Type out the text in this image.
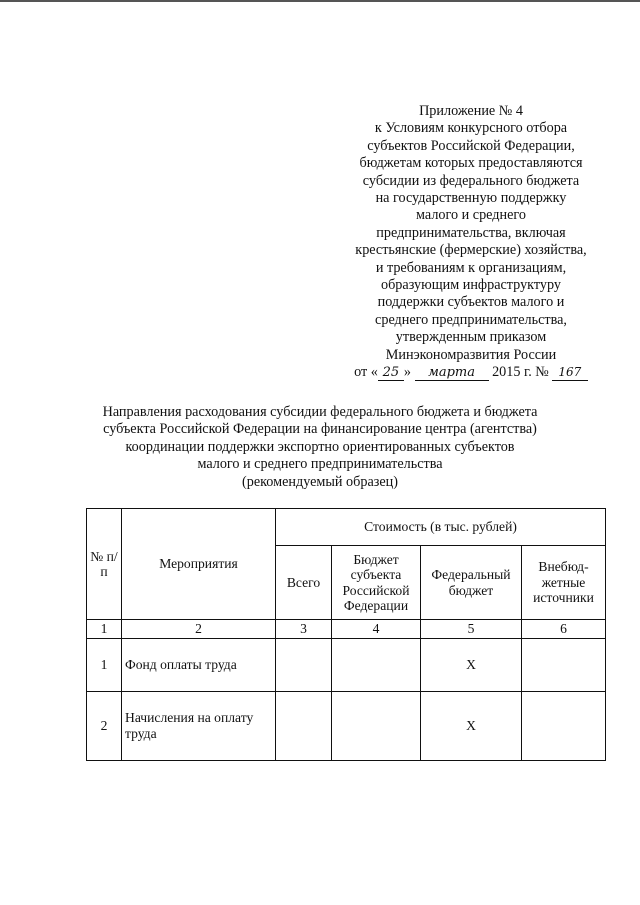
Приложение № 4
к Условиям конкурсного отбора
субъектов Российской Федерации,
бюджетам которых предоставляются
субсидии из федерального бюджета
на государственную поддержку
малого и среднего
предпринимательства, включая
крестьянские (фермерские) хозяйства,
и требованиям к организациям,
образующим инфраструктуру
поддержки субъектов малого и
среднего предпринимательства,
утвержденным приказом
Минэкономразвития России
от « 25 » марта 2015 г. № 167
Направления расходования субсидии федерального бюджета и бюджета
субъекта Российской Федерации на финансирование центра (агентства)
координации поддержки экспортно ориентированных субъектов
малого и среднего предпринимательства
(рекомендуемый образец)
№ п/п	Мероприятия	Стоимость (в тыс. рублей)			
		Всего	Бюджет субъекта Российской Федерации	Федеральный бюджет	Внебюд-жетные источники
1	2	3	4	5	6
1	Фонд оплаты труда			X	
2	Начисления на оплату труда			X	
